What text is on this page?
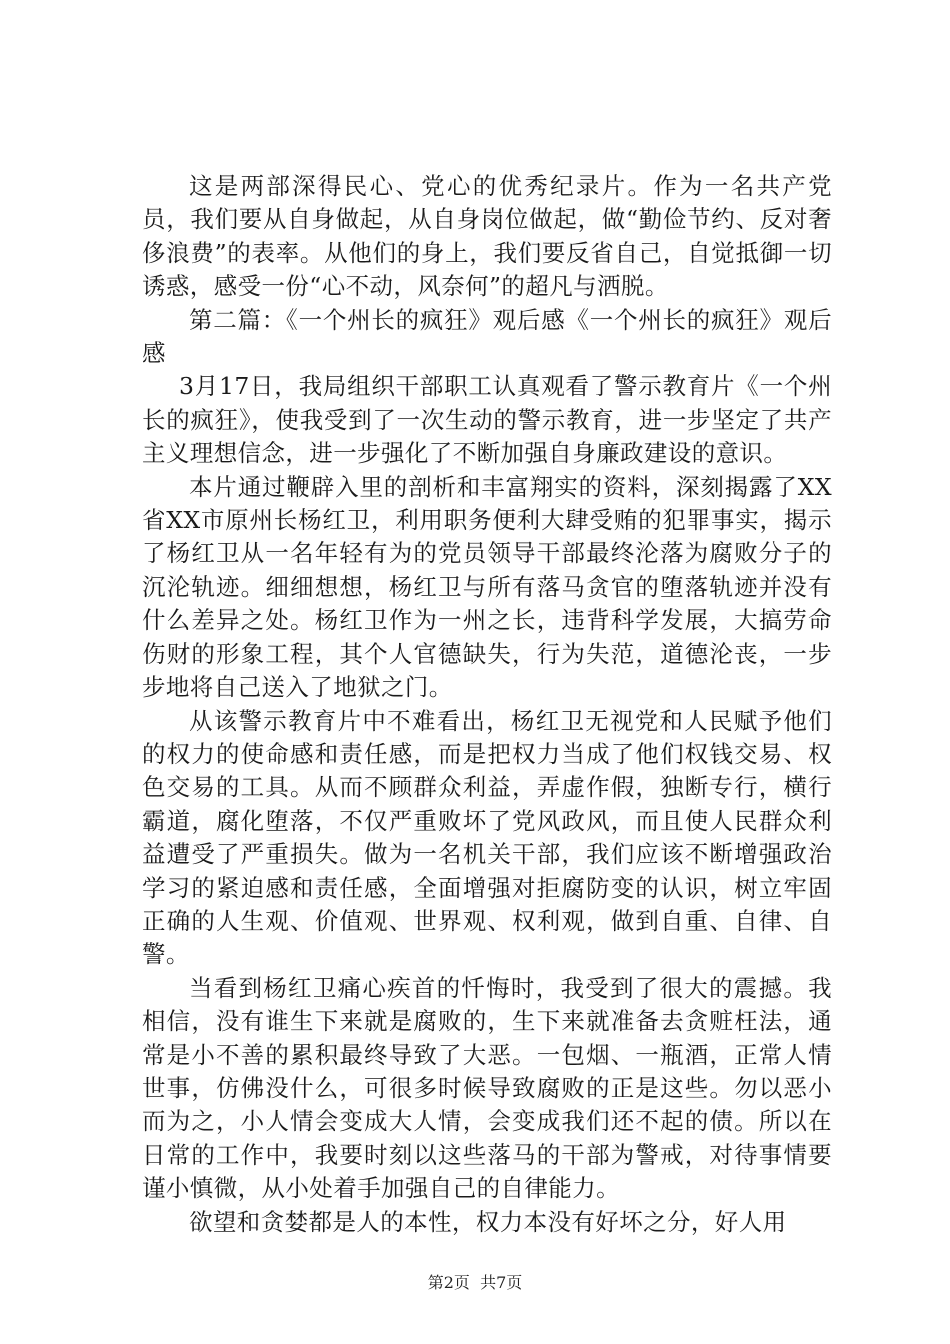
这是两部深得民心、党心的优秀纪录片。作为一名共产党员，我们要从自身做起，从自身岗位做起，做“勤俭节约、反对奢侈浪费”的表率。从他们的身上，我们要反省自己，自觉抵御一切诱惑，感受一份“心不动，风奈何”的超凡与洒脱。

第二篇：《一个州长的疯狂》观后感《一个州长的疯狂》观后感

3月17日，我局组织干部职工认真观看了警示教育片《一个州长的疯狂》，使我受到了一次生动的警示教育，进一步坚定了共产主义理想信念，进一步强化了不断加强自身廉政建设的意识。

本片通过鞭辟入里的剖析和丰富翔实的资料，深刻揭露了XX省XX市原州长杨红卫，利用职务便利大肆受贿的犯罪事实，揭示了杨红卫从一名年轻有为的党员领导干部最终沦落为腐败分子的沉沦轨迹。细细想想，杨红卫与所有落马贪官的堕落轨迹并没有什么差异之处。杨红卫作为一州之长，违背科学发展，大搞劳命伤财的形象工程，其个人官德缺失，行为失范，道德沦丧，一步步地将自己送入了地狱之门。

从该警示教育片中不难看出，杨红卫无视党和人民赋予他们的权力的使命感和责任感，而是把权力当成了他们权钱交易、权色交易的工具。从而不顾群众利益，弄虚作假，独断专行，横行霸道，腐化堕落，不仅严重败坏了党风政风，而且使人民群众利益遭受了严重损失。做为一名机关干部，我们应该不断增强政治学习的紧迫感和责任感，全面增强对拒腐防变的认识，树立牢固正确的人生观、价值观、世界观、权利观，做到自重、自律、自警。

当看到杨红卫痛心疾首的忏悔时，我受到了很大的震撼。我相信，没有谁生下来就是腐败的，生下来就准备去贪赃枉法，通常是小不善的累积最终导致了大恶。一包烟、一瓶酒，正常人情世事，仿佛没什么，可很多时候导致腐败的正是这些。勿以恶小而为之，小人情会变成大人情，会变成我们还不起的债。所以在日常的工作中，我要时刻以这些落马的干部为警戒，对待事情要谨小慎微，从小处着手加强自己的自律能力。

欲望和贪婪都是人的本性，权力本没有好坏之分，好人用

第2页  共7页
